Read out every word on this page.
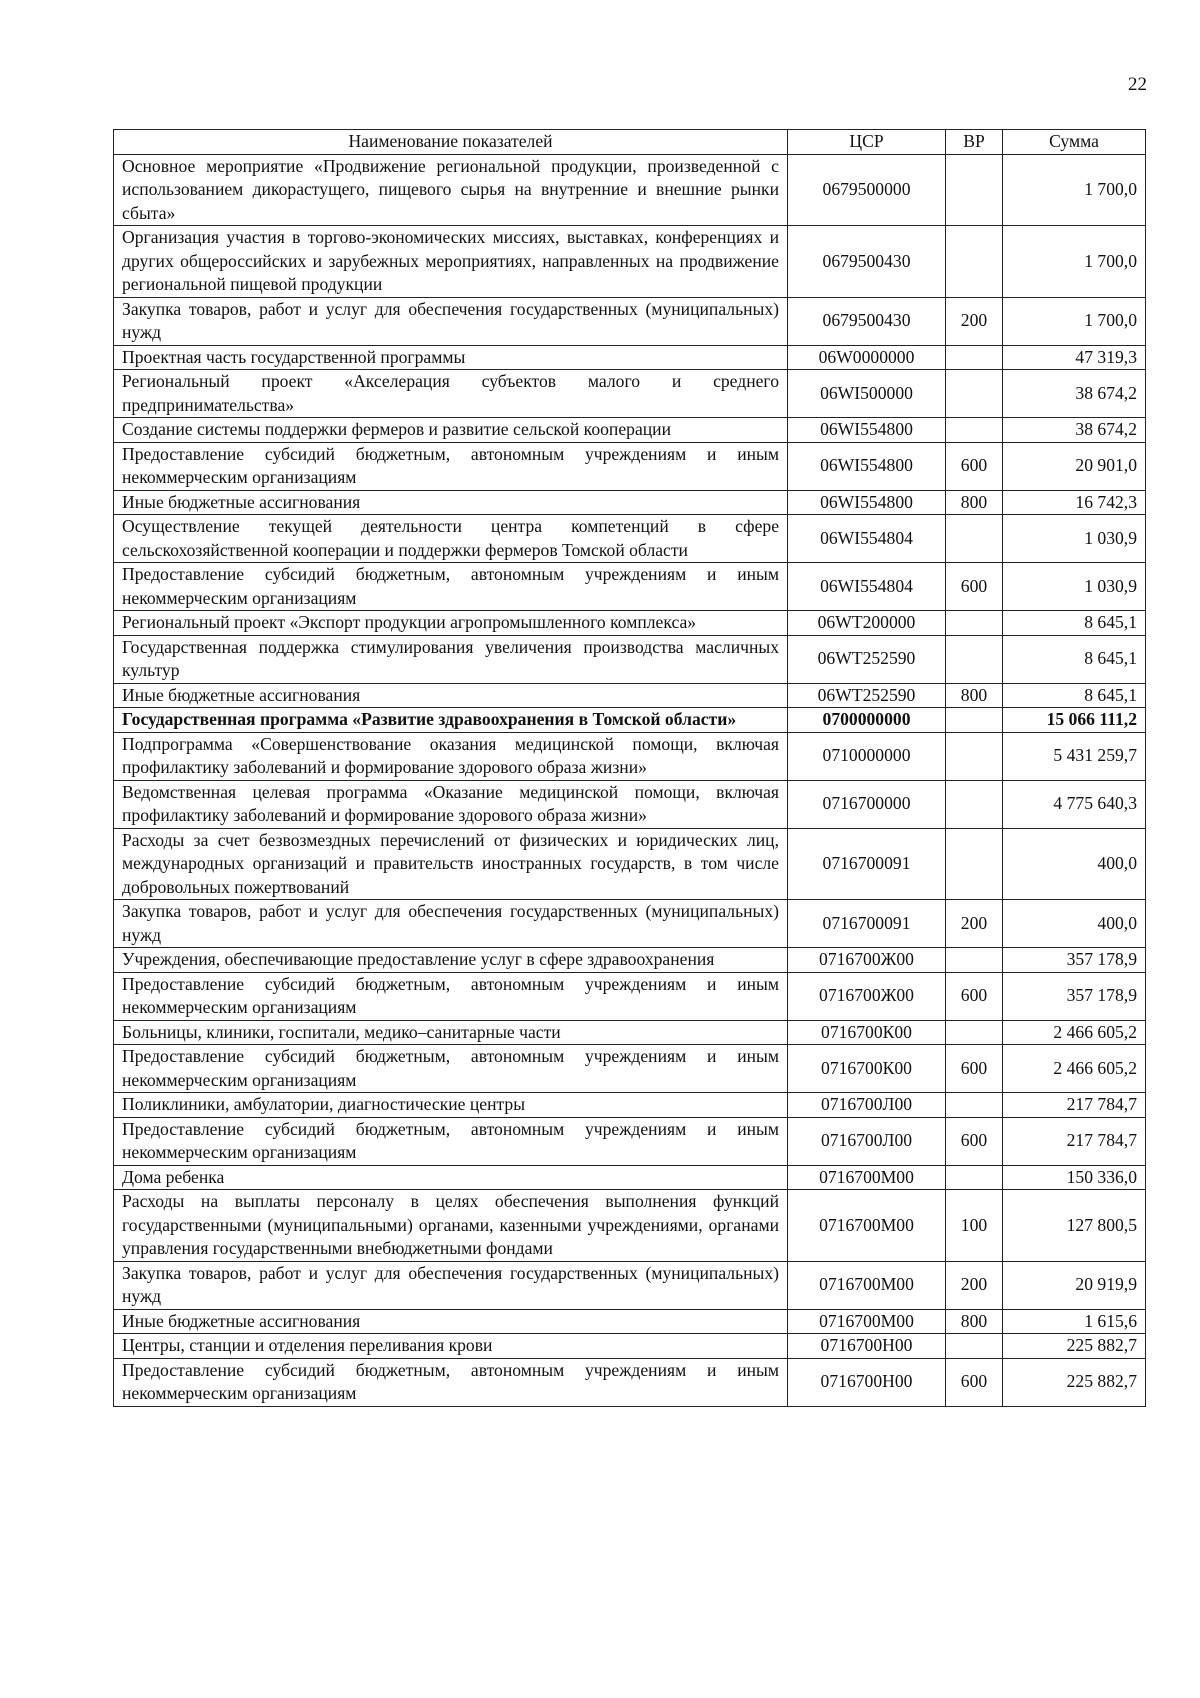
22
Наименование показателей	ЦСР	ВР	Сумма
Основное мероприятие «Продвижение региональной продукции, произведенной с использованием дикорастущего, пищевого сырья на внутренние и внешние рынки сбыта»	0679500000		1 700,0
Организация участия в торгово-экономических миссиях, выставках, конференциях и других общероссийских и зарубежных мероприятиях, направленных на продвижение региональной пищевой продукции	0679500430		1 700,0
Закупка товаров, работ и услуг для обеспечения государственных (муниципальных) нужд	0679500430	200	1 700,0
Проектная часть государственной программы	06W0000000		47 319,3
Региональный проект «Акселерация субъектов малого и среднего предпринимательства»	06WI500000		38 674,2
Создание системы поддержки фермеров и развитие сельской кооперации	06WI554800		38 674,2
Предоставление субсидий бюджетным, автономным учреждениям и иным некоммерческим организациям	06WI554800	600	20 901,0
Иные бюджетные ассигнования	06WI554800	800	16 742,3
Осуществление текущей деятельности центра компетенций в сфере сельскохозяйственной кооперации и поддержки фермеров Томской области	06WI554804		1 030,9
Предоставление субсидий бюджетным, автономным учреждениям и иным некоммерческим организациям	06WI554804	600	1 030,9
Региональный проект «Экспорт продукции агропромышленного комплекса»	06WT200000		8 645,1
Государственная поддержка стимулирования увеличения производства масличных культур	06WT252590		8 645,1
Иные бюджетные ассигнования	06WT252590	800	8 645,1
Государственная программа «Развитие здравоохранения в Томской области»	0700000000		15 066 111,2
Подпрограмма «Совершенствование оказания медицинской помощи, включая профилактику заболеваний и формирование здорового образа жизни»	0710000000		5 431 259,7
Ведомственная целевая программа «Оказание медицинской помощи, включая профилактику заболеваний и формирование здорового образа жизни»	0716700000		4 775 640,3
Расходы за счет безвозмездных перечислений от физических и юридических лиц, международных организаций и правительств иностранных государств, в том числе добровольных пожертвований	0716700091		400,0
Закупка товаров, работ и услуг для обеспечения государственных (муниципальных) нужд	0716700091	200	400,0
Учреждения, обеспечивающие предоставление услуг в сфере здравоохранения	0716700Ж00		357 178,9
Предоставление субсидий бюджетным, автономным учреждениям и иным некоммерческим организациям	0716700Ж00	600	357 178,9
Больницы, клиники, госпитали, медико–санитарные части	0716700К00		2 466 605,2
Предоставление субсидий бюджетным, автономным учреждениям и иным некоммерческим организациям	0716700К00	600	2 466 605,2
Поликлиники, амбулатории, диагностические центры	0716700Л00		217 784,7
Предоставление субсидий бюджетным, автономным учреждениям и иным некоммерческим организациям	0716700Л00	600	217 784,7
Дома ребенка	0716700М00		150 336,0
Расходы на выплаты персоналу в целях обеспечения выполнения функций государственными (муниципальными) органами, казенными учреждениями, органами управления государственными внебюджетными фондами	0716700М00	100	127 800,5
Закупка товаров, работ и услуг для обеспечения государственных (муниципальных) нужд	0716700М00	200	20 919,9
Иные бюджетные ассигнования	0716700М00	800	1 615,6
Центры, станции и отделения переливания крови	0716700Н00		225 882,7
Предоставление субсидий бюджетным, автономным учреждениям и иным некоммерческим организациям	0716700Н00	600	225 882,7
